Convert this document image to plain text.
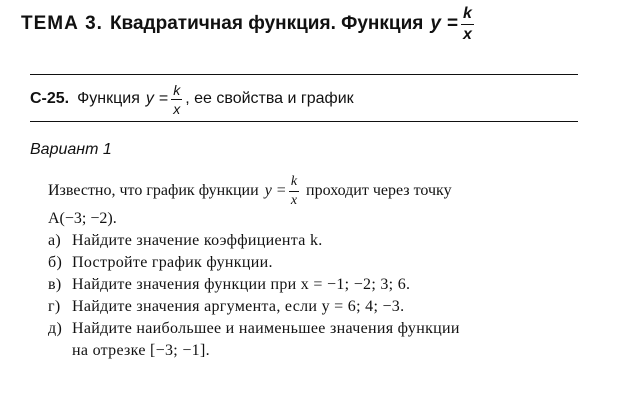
ТЕМА 3. Квадратичная функция. Функция $y = \frac{k}{x}$
С-25. Функция $y = \frac{k}{x}$ , ее свойства и график
Вариант 1
Известно, что график функции $y = \frac{k}{x}$ проходит через точку
A(−3; −2).
а) Найдите значение коэффициента k.
б) Постройте график функции.
в) Найдите значения функции при x = −1; −2; 3; 6.
г) Найдите значения аргумента, если y = 6; 4; −3.
д) Найдите наибольшее и наименьшее значения функции
на отрезке [−3; −1].
